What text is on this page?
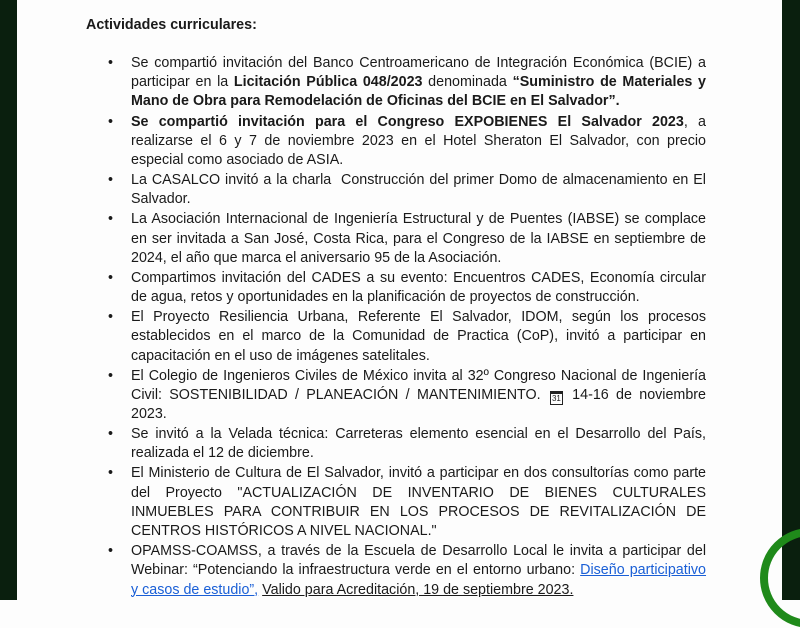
Actividades curriculares:

• Se compartió invitación del Banco Centroamericano de Integración Económica (BCIE) a participar en la Licitación Pública 048/2023 denominada “Suministro de Materiales y Mano de Obra para Remodelación de Oficinas del BCIE en El Salvador”.
• Se compartió invitación para el Congreso EXPOBIENES El Salvador 2023, a realizarse el 6 y 7 de noviembre 2023 en el Hotel Sheraton El Salvador, con precio especial como asociado de ASIA.
• La CASALCO invitó a la charla  Construcción del primer Domo de almacenamiento en El Salvador.
• La Asociación Internacional de Ingeniería Estructural y de Puentes (IABSE) se complace en ser invitada a San José, Costa Rica, para el Congreso de la IABSE en septiembre de 2024, el año que marca el aniversario 95 de la Asociación.
• Compartimos invitación del CADES a su evento: Encuentros CADES, Economía circular de agua, retos y oportunidades en la planificación de proyectos de construcción.
• El Proyecto Resiliencia Urbana, Referente El Salvador, IDOM, según los procesos establecidos en el marco de la Comunidad de Practica (CoP), invitó a participar en capacitación en el uso de imágenes satelitales.
• El Colegio de Ingenieros Civiles de México invita al 32º Congreso Nacional de Ingeniería Civil: SOSTENIBILIDAD / PLANEACIÓN / MANTENIMIENTO. 31 14-16 de noviembre 2023.
• Se invitó a la Velada técnica: Carreteras elemento esencial en el Desarrollo del País, realizada el 12 de diciembre.
• El Ministerio de Cultura de El Salvador, invitó a participar en dos consultorías como parte del Proyecto "ACTUALIZACIÓN DE INVENTARIO DE BIENES CULTURALES INMUEBLES PARA CONTRIBUIR EN LOS PROCESOS DE REVITALIZACIÓN DE CENTROS HISTÓRICOS A NIVEL NACIONAL."
• OPAMSS-COAMSS, a través de la Escuela de Desarrollo Local le invita a participar del Webinar: “Potenciando la infraestructura verde en el entorno urbano: Diseño participativo y casos de estudio”, Valido para Acreditación, 19 de septiembre 2023.
